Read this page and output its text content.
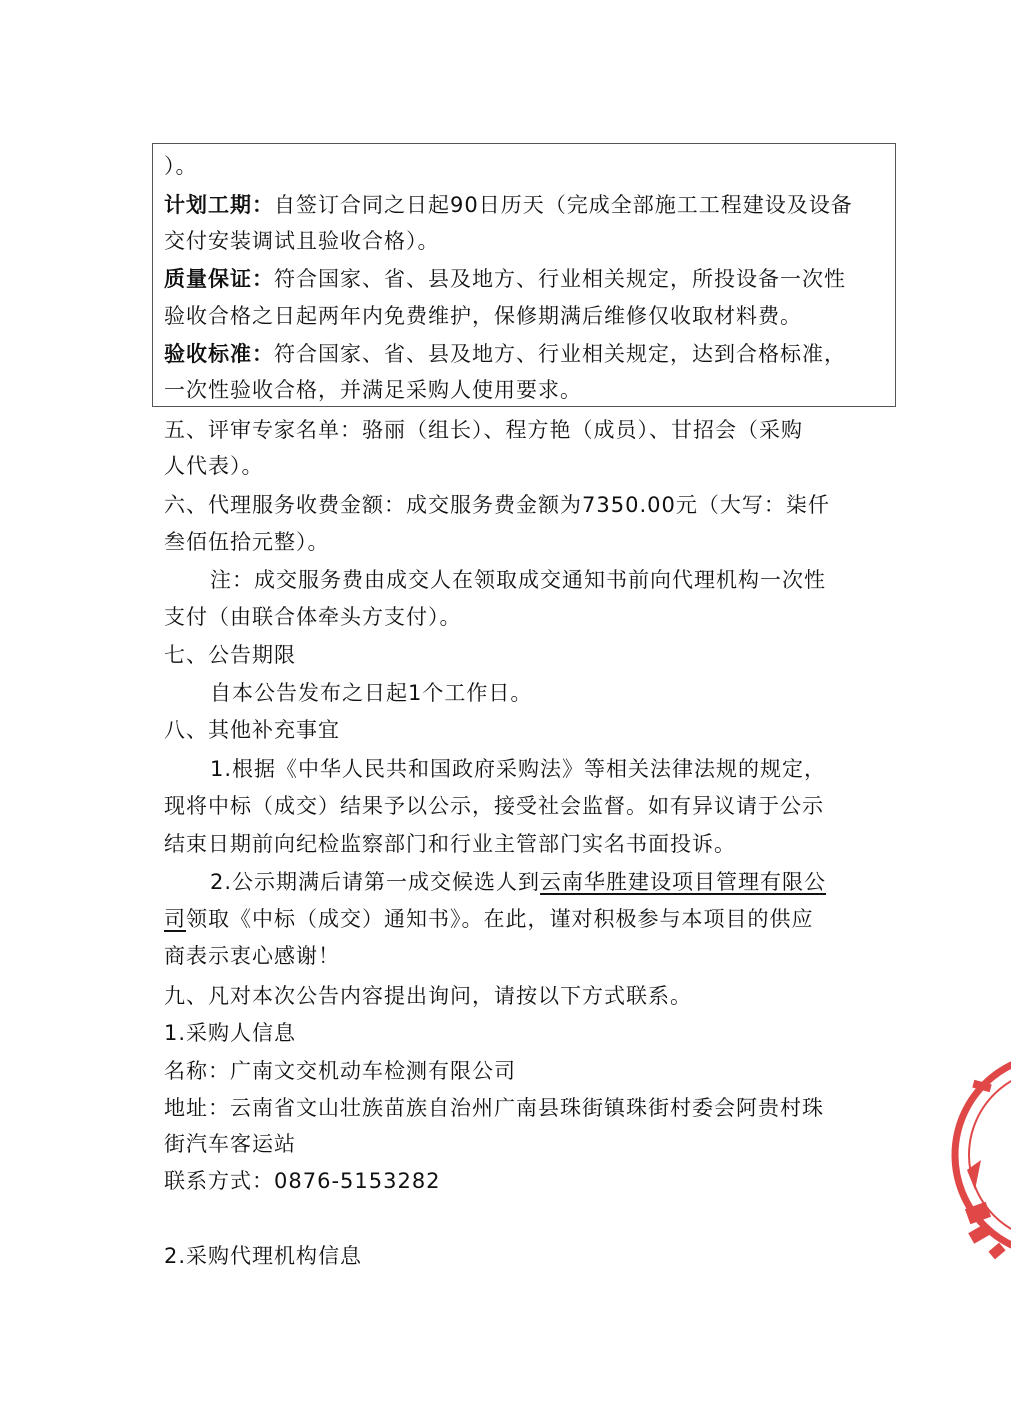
）。
计划工期：自签订合同之日起90日历天（完成全部施工工程建设及设备
交付安装调试且验收合格）。
质量保证：符合国家、省、县及地方、行业相关规定，所投设备一次性
验收合格之日起两年内免费维护，保修期满后维修仅收取材料费。
验收标准：符合国家、省、县及地方、行业相关规定，达到合格标准，
一次性验收合格，并满足采购人使用要求。
五、评审专家名单：骆丽（组长）、程方艳（成员）、甘招会（采购
人代表）。
六、代理服务收费金额：成交服务费金额为7350.00元（大写：柒仟
叁佰伍拾元整）。
注：成交服务费由成交人在领取成交通知书前向代理机构一次性
支付（由联合体牵头方支付）。
七、公告期限
自本公告发布之日起1个工作日。
八、其他补充事宜
1.根据《中华人民共和国政府采购法》等相关法律法规的规定，
现将中标（成交）结果予以公示，接受社会监督。如有异议请于公示
结束日期前向纪检监察部门和行业主管部门实名书面投诉。
2.公示期满后请第一成交候选人到云南华胜建设项目管理有限公
司领取《中标（成交）通知书》。在此，谨对积极参与本项目的供应
商表示衷心感谢！
九、凡对本次公告内容提出询问，请按以下方式联系。
1.采购人信息
名称：广南文交机动车检测有限公司
地址：云南省文山壮族苗族自治州广南县珠街镇珠街村委会阿贵村珠
街汽车客运站
联系方式：0876-5153282
2.采购代理机构信息
